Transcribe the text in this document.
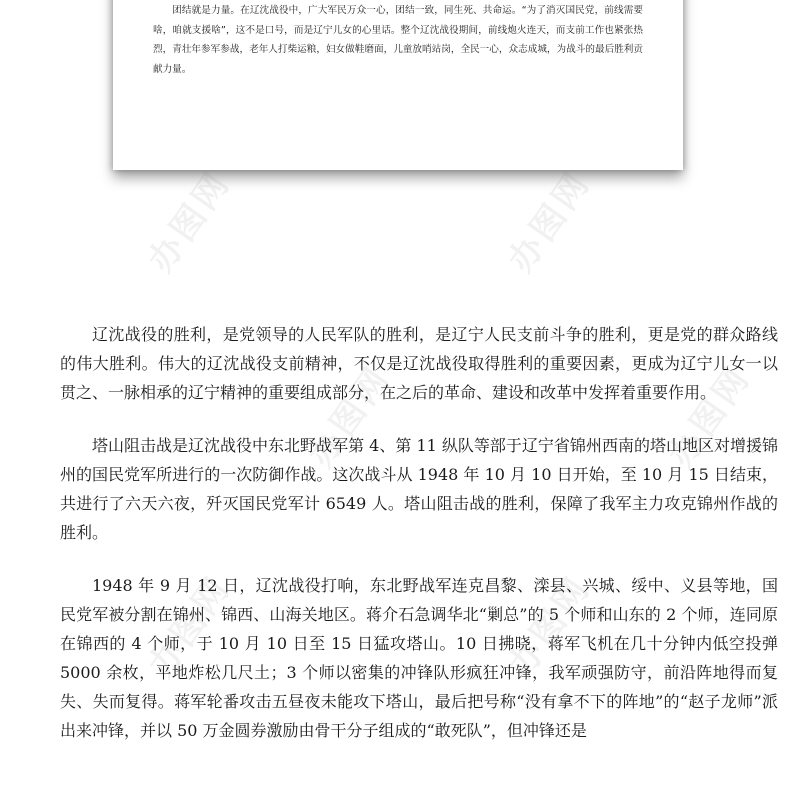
团结就是力量。在辽沈战役中，广大军民万众一心，团结一致，同生死、共命运。“为了消灭国民党，前线需要啥，咱就支援啥”，这不是口号，而是辽宁儿女的心里话。整个辽沈战役期间，前线炮火连天，而支前工作也紧张热烈，青壮年参军参战，老年人打柴运粮，妇女做鞋磨面，儿童放哨站岗，全民一心，众志成城，为战斗的最后胜利贡献力量。

办图网	办图网
办图网	办图网
办图网	办图网

辽沈战役的胜利，是党领导的人民军队的胜利，是辽宁人民支前斗争的胜利，更是党的群众路线的伟大胜利。伟大的辽沈战役支前精神，不仅是辽沈战役取得胜利的重要因素，更成为辽宁儿女一以贯之、一脉相承的辽宁精神的重要组成部分，在之后的革命、建设和改革中发挥着重要作用。

塔山阻击战是辽沈战役中东北野战军第 4、第 11 纵队等部于辽宁省锦州西南的塔山地区对增援锦州的国民党军所进行的一次防御作战。这次战斗从 1948 年 10 月 10 日开始，至 10 月 15 日结束，共进行了六天六夜，歼灭国民党军计 6549 人。塔山阻击战的胜利，保障了我军主力攻克锦州作战的胜利。

1948 年 9 月 12 日，辽沈战役打响，东北野战军连克昌黎、滦县、兴城、绥中、义县等地，国民党军被分割在锦州、锦西、山海关地区。蒋介石急调华北“剿总”的 5 个师和山东的 2 个师，连同原在锦西的 4 个师，于 10 月 10 日至 15 日猛攻塔山。10 日拂晓，蒋军飞机在几十分钟内低空投弹 5000 余枚，平地炸松几尺土；3 个师以密集的冲锋队形疯狂冲锋，我军顽强防守，前沿阵地得而复失、失而复得。蒋军轮番攻击五昼夜未能攻下塔山，最后把号称“没有拿不下的阵地”的“赵子龙师”派出来冲锋，并以 50 万金圆券激励由骨干分子组成的“敢死队”，但冲锋还是
